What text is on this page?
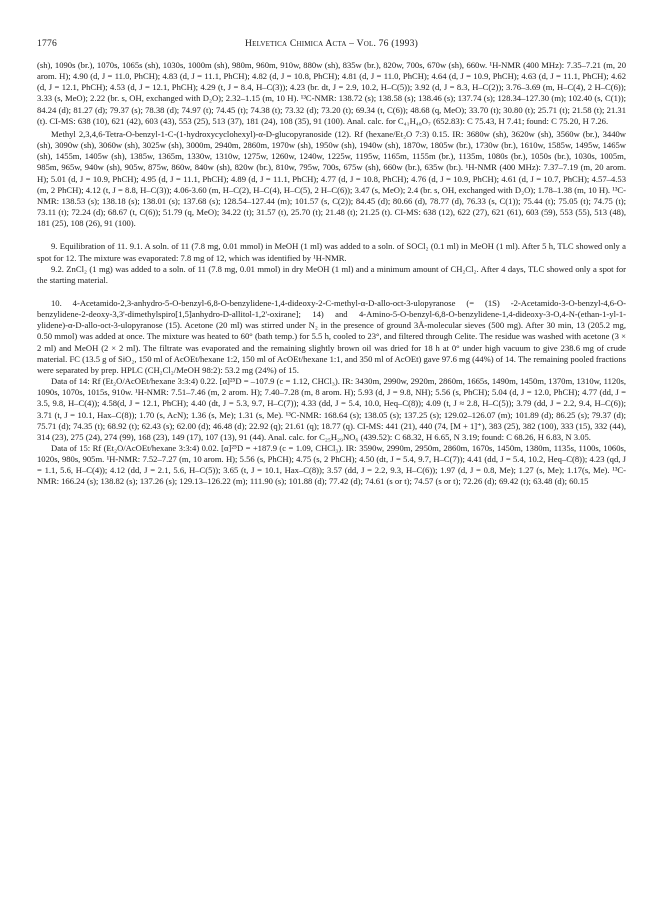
1776	Helvetica Chimica Acta – Vol. 76 (1993)

(sh), 1090s (br.), 1070s, 1065s (sh), 1030s, 1000m (sh), 980m, 960m, 910w, 880w (sh), 835w (br.), 820w, 700s, 670w (sh), 660w. ¹H-NMR (400 MHz): 7.35–7.21 (m, 20 arom. H); 4.90 (d, J = 11.0, PhCH); 4.83 (d, J = 11.1, PhCH); 4.82 (d, J = 10.8, PhCH); 4.81 (d, J = 11.0, PhCH); 4.64 (d, J = 10.9, PhCH); 4.63 (d, J = 11.1, PhCH); 4.62 (d, J = 12.1, PhCH); 4.53 (d, J = 12.1, PhCH); 4.29 (t, J = 8.4, H–C(3)); 4.23 (br. dt, J = 2.9, 10.2, H–C(5)); 3.92 (d, J = 8.3, H–C(2)); 3.76–3.69 (m, H–C(4), 2 H–C(6)); 3.33 (s, MeO); 2.22 (br. s, OH, exchanged with D₂O); 2.32–1.15 (m, 10 H). ¹³C-NMR: 138.72 (s); 138.58 (s); 138.46 (s); 137.74 (s); 128.34–127.30 (m); 102.40 (s, C(1)); 84.24 (d); 81.27 (d); 79.37 (s); 78.38 (d); 74.97 (t); 74.45 (t); 74.38 (t); 73.32 (d); 73.20 (t); 69.34 (t, C(6)); 48.68 (q, MeO); 33.70 (t); 30.80 (t); 25.71 (t); 21.58 (t); 21.31 (t). CI-MS: 638 (10), 621 (42), 603 (43), 553 (25), 513 (37), 181 (24), 108 (35), 91 (100). Anal. calc. for C₄₁H₄₈O₇ (652.83): C 75.43, H 7.41; found: C 75.20, H 7.26.

Methyl 2,3,4,6-Tetra-O-benzyl-1-C-(1-hydroxycyclohexyl)-α-D-glucopyranoside (12). Rf (hexane/Et₂O 7:3) 0.15. IR: 3680w (sh), 3620w (sh), 3560w (br.), 3440w (sh), 3090w (sh), 3060w (sh), 3025w (sh), 3000m, 2940m, 2860m, 1970w (sh), 1950w (sh), 1940w (sh), 1870w, 1805w (br.), 1730w (br.), 1610w, 1585w, 1495w, 1465w (sh), 1455m, 1405w (sh), 1385w, 1365m, 1330w, 1310w, 1275w, 1260w, 1240w, 1225w, 1195w, 1165m, 1155m (br.), 1135m, 1080s (br.), 1050s (br.), 1030s, 1005m, 985m, 965w, 940w (sh), 905w, 875w, 860w, 840w (sh), 820w (br.), 810w, 795w, 700s, 675w (sh), 660w (br.), 635w (br.). ¹H-NMR (400 MHz): 7.37–7.19 (m, 20 arom. H); 5.01 (d, J = 10.9, PhCH); 4.95 (d, J = 11.1, PhCH); 4.89 (d, J = 11.1, PhCH); 4.77 (d, J = 10.8, PhCH); 4.76 (d, J = 10.9, PhCH); 4.61 (d, J = 10.7, PhCH); 4.57–4.53 (m, 2 PhCH); 4.12 (t, J = 8.8, H–C(3)); 4.06-3.60 (m, H–C(2), H–C(4), H–C(5), 2 H–C(6)); 3.47 (s, MeO); 2.4 (br. s, OH, exchanged with D₂O); 1.78–1.38 (m, 10 H). ¹³C-NMR: 138.53 (s); 138.18 (s); 138.01 (s); 137.68 (s); 128.54–127.44 (m); 101.57 (s, C(2)); 84.45 (d); 80.66 (d), 78.77 (d), 76.33 (s, C(1)); 75.44 (t); 75.05 (t); 74.75 (t); 73.11 (t); 72.24 (d); 68.67 (t, C(6)); 51.79 (q, MeO); 34.22 (t); 31.57 (t), 25.70 (t); 21.48 (t); 21.25 (t). CI-MS: 638 (12), 622 (27), 621 (61), 603 (59), 553 (55), 513 (48), 181 (25), 108 (26), 91 (100).

9. Equilibration of 11. 9.1. A soln. of 11 (7.8 mg, 0.01 mmol) in MeOH (1 ml) was added to a soln. of SOCl₂ (0.1 ml) in MeOH (1 ml). After 5 h, TLC showed only a spot for 12. The mixture was evaporated: 7.8 mg of 12, which was identified by ¹H-NMR.

9.2. ZnCl₂ (1 mg) was added to a soln. of 11 (7.8 mg, 0.01 mmol) in dry MeOH (1 ml) and a minimum amount of CH₂Cl₂. After 4 days, TLC showed only a spot for the starting material.

10. 4-Acetamido-2,3-anhydro-5-O-benzyl-6,8-O-benzylidene-1,4-dideoxy-2-C-methyl-α-D-allo-oct-3-ulopyranose (= (1S) -2-Acetamido-3-O-benzyl-4,6-O-benzylidene-2-deoxy-3,3'-dimethylspiro[1,5]anhydro-D-allitol-1,2'-oxirane]; 14) and 4-Amino-5-O-benzyl-6,8-O-benzylidene-1,4-dideoxy-3-O,4-N-(ethan-1-yl-1-ylidene)-α-D-allo-oct-3-ulopyranose (15). Acetone (20 ml) was stirred under N₂ in the presence of ground 3Å-molecular sieves (500 mg). After 30 min, 13 (205.2 mg, 0.50 mmol) was added at once. The mixture was heated to 60° (bath temp.) for 5.5 h, cooled to 23°, and filtered through Celite. The residue was washed with acetone (3 × 2 ml) and MeOH (2 × 2 ml). The filtrate was evaporated and the remaining slightly brown oil was dried for 18 h at 0° under high vacuum to give 238.6 mg of crude material. FC (13.5 g of SiO₂, 150 ml of AcOEt/hexane 1:2, 150 ml of AcOEt/hexane 1:1, and 350 ml of AcOEt) gave 97.6 mg (44%) of 14. The remaining pooled fractions were separated by prep. HPLC (CH₂Cl₂/MeOH 98:2): 53.2 mg (24%) of 15.

Data of 14: Rf (Et₂O/AcOEt/hexane 3:3:4) 0.22. [α]²⁵D = –107.9 (c = 1.12, CHCl₃). IR: 3430m, 2990w, 2920m, 2860m, 1665s, 1490m, 1450m, 1370m, 1310w, 1120s, 1090s, 1070s, 1015s, 910w. ¹H-NMR: 7.51–7.46 (m, 2 arom. H); 7.40–7.28 (m, 8 arom. H); 5.93 (d, J = 9.8, NH); 5.56 (s, PhCH); 5.04 (d, J = 12.0, PhCH); 4.77 (dd, J = 3.5, 9.8, H–C(4)); 4.58(d, J = 12.1, PhCH); 4.40 (dt, J = 5.3, 9.7, H–C(7)); 4.33 (dd, J = 5.4, 10.0, Heq–C(8)); 4.09 (t, J ≈ 2.8, H–C(5)); 3.79 (dd, J = 2.2, 9.4, H–C(6)); 3.71 (t, J = 10.1, Hax–C(8)); 1.70 (s, AcN); 1.36 (s, Me); 1.31 (s, Me). ¹³C-NMR: 168.64 (s); 138.05 (s); 137.25 (s); 129.02–126.07 (m); 101.89 (d); 86.25 (s); 79.37 (d); 75.71 (d); 74.35 (t); 68.92 (t); 62.43 (s); 62.00 (d); 46.48 (d); 22.92 (q); 21.61 (q); 18.77 (q). CI-MS: 441 (21), 440 (74, [M + 1]⁺), 383 (25), 382 (100), 333 (15), 332 (44), 314 (23), 275 (24), 274 (99), 168 (23), 149 (17), 107 (13), 91 (44). Anal. calc. for C₂₅H₂₉NO₆ (439.52): C 68.32, H 6.65, N 3.19; found: C 68.26, H 6.83, N 3.05.

Data of 15: Rf (Et₂O/AcOEt/hexane 3:3:4) 0.02. [α]²⁵D = +187.9 (c = 1.09, CHCl₃). IR: 3590w, 2990m, 2950m, 2860m, 1670s, 1450m, 1380m, 1135s, 1100s, 1060s, 1020s, 980s, 905m. ¹H-NMR: 7.52–7.27 (m, 10 arom. H); 5.56 (s, PhCH); 4.75 (s, 2 PhCH); 4.50 (dt, J = 5.4, 9.7, H–C(7)); 4.41 (dd, J = 5.4, 10.2, Heq–C(8)); 4.23 (qd, J = 1.1, 5.6, H–C(4)); 4.12 (dd, J = 2.1, 5.6, H–C(5)); 3.65 (t, J = 10.1, Hax–C(8)); 3.57 (dd, J = 2.2, 9.3, H–C(6)); 1.97 (d, J = 0.8, Me); 1.27 (s, Me); 1.17(s, Me). ¹³C-NMR: 166.24 (s); 138.82 (s); 137.26 (s); 129.13–126.22 (m); 111.90 (s); 101.88 (d); 77.42 (d); 74.61 (s or t); 74.57 (s or t); 72.26 (d); 69.42 (t); 63.48 (d); 60.15
